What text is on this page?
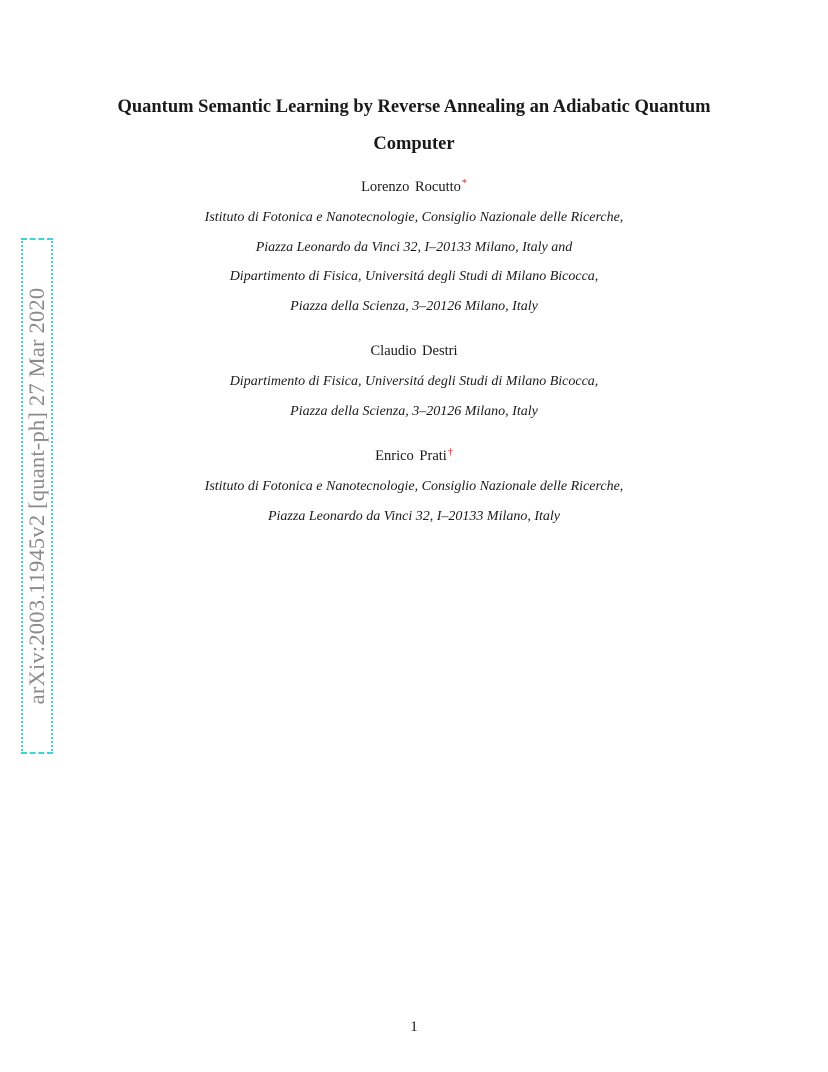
arXiv:2003.11945v2 [quant-ph] 27 Mar 2020
Quantum Semantic Learning by Reverse Annealing an Adiabatic Quantum
Computer
Lorenzo Rocutto*
Istituto di Fotonica e Nanotecnologie, Consiglio Nazionale delle Ricerche,
Piazza Leonardo da Vinci 32, I–20133 Milano, Italy and
Dipartimento di Fisica, Universitá degli Studi di Milano Bicocca,
Piazza della Scienza, 3–20126 Milano, Italy
Claudio Destri
Dipartimento di Fisica, Universitá degli Studi di Milano Bicocca,
Piazza della Scienza, 3–20126 Milano, Italy
Enrico Prati†
Istituto di Fotonica e Nanotecnologie, Consiglio Nazionale delle Ricerche,
Piazza Leonardo da Vinci 32, I–20133 Milano, Italy
1
